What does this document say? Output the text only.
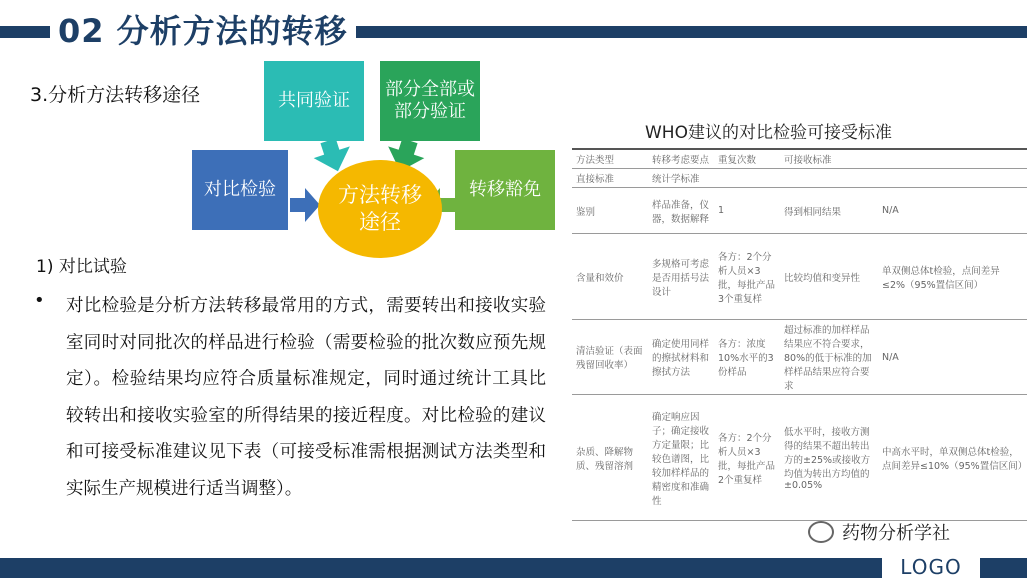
02 分析方法的转移
3.分析方法转移途径
对比检验
共同验证
部分全部或部分验证
转移豁免
方法转移途径
1) 对比试验
• 对比检验是分析方法转移最常用的方式，需要转出和接收实验室同时对同批次的样品进行检验（需要检验的批次数应预先规定）。检验结果均应符合质量标准规定，同时通过统计工具比较转出和接收实验室的所得结果的接近程度。对比检验的建议和可接受标准建议见下表（可接受标准需根据测试方法类型和实际生产规模进行适当调整）。
WHO建议的对比检验可接受标准
方法类型	转移考虑要点	重复次数	可接收标准	
直接标准	统计学标准			
鉴别	样品准备，仪器，数据解释	1	得到相同结果	N/A
含量和效价	多规格可考虑是否用括号法设计	各方：2个分析人员×3批，每批产品3个重复样	比较均值和变异性	单双侧总体t检验，点间差异≤2%（95%置信区间）
清洁验证（表面残留回收率）	确定使用同样的擦拭材料和擦拭方法	各方：浓度10%水平的3份样品	超过标准的加样样品结果应不符合要求，80%的低于标准的加样样品结果应符合要求	N/A
杂质、降解物质、残留溶剂	确定响应因子；确定接收方定量限；比较色谱图，比较加样样品的精密度和准确性	各方：2个分析人员×3批，每批产品2个重复样	低水平时，接收方测得的结果不超出转出方的±25%或接收方均值为转出方均值的±0.05%	中高水平时，单双侧总体t检验，点间差异≤10%（95%置信区间）
药物分析学社
LOGO
